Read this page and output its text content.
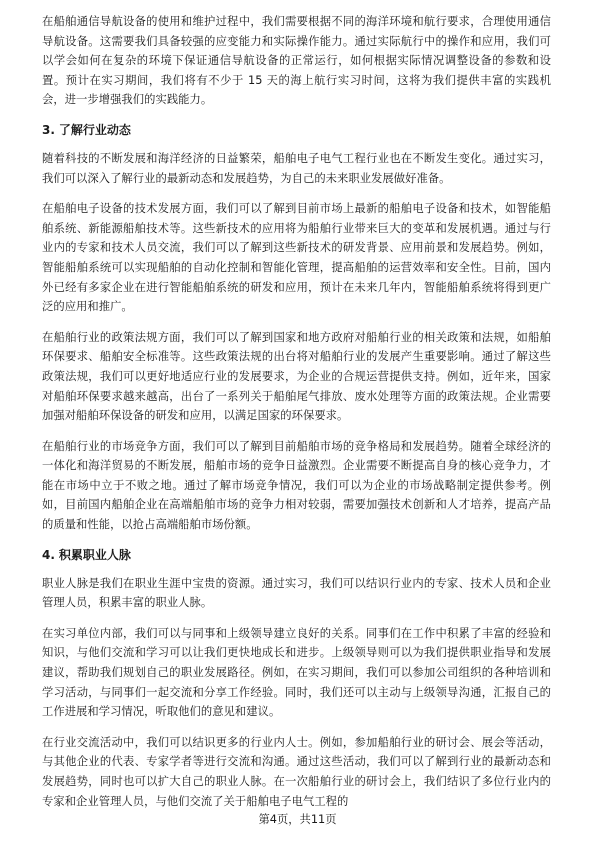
在船舶通信导航设备的使用和维护过程中，我们需要根据不同的海洋环境和航行要求，合理使用通信导航设备。这需要我们具备较强的应变能力和实际操作能力。通过实际航行中的操作和应用，我们可以学会如何在复杂的环境下保证通信导航设备的正常运行，如何根据实际情况调整设备的参数和设置。预计在实习期间，我们将有不少于 15 天的海上航行实习时间，这将为我们提供丰富的实践机会，进一步增强我们的实践能力。

3. 了解行业动态

随着科技的不断发展和海洋经济的日益繁荣，船舶电子电气工程行业也在不断发生变化。通过实习，我们可以深入了解行业的最新动态和发展趋势，为自己的未来职业发展做好准备。

在船舶电子设备的技术发展方面，我们可以了解到目前市场上最新的船舶电子设备和技术，如智能船舶系统、新能源船舶技术等。这些新技术的应用将为船舶行业带来巨大的变革和发展机遇。通过与行业内的专家和技术人员交流，我们可以了解到这些新技术的研发背景、应用前景和发展趋势。例如，智能船舶系统可以实现船舶的自动化控制和智能化管理，提高船舶的运营效率和安全性。目前，国内外已经有多家企业在进行智能船舶系统的研发和应用，预计在未来几年内，智能船舶系统将得到更广泛的应用和推广。

在船舶行业的政策法规方面，我们可以了解到国家和地方政府对船舶行业的相关政策和法规，如船舶环保要求、船舶安全标准等。这些政策法规的出台将对船舶行业的发展产生重要影响。通过了解这些政策法规，我们可以更好地适应行业的发展要求，为企业的合规运营提供支持。例如，近年来，国家对船舶环保要求越来越高，出台了一系列关于船舶尾气排放、废水处理等方面的政策法规。企业需要加强对船舶环保设备的研发和应用，以满足国家的环保要求。

在船舶行业的市场竞争方面，我们可以了解到目前船舶市场的竞争格局和发展趋势。随着全球经济的一体化和海洋贸易的不断发展，船舶市场的竞争日益激烈。企业需要不断提高自身的核心竞争力，才能在市场中立于不败之地。通过了解市场竞争情况，我们可以为企业的市场战略制定提供参考。例如，目前国内船舶企业在高端船舶市场的竞争力相对较弱，需要加强技术创新和人才培养，提高产品的质量和性能，以抢占高端船舶市场份额。

4. 积累职业人脉

职业人脉是我们在职业生涯中宝贵的资源。通过实习，我们可以结识行业内的专家、技术人员和企业管理人员，积累丰富的职业人脉。

在实习单位内部，我们可以与同事和上级领导建立良好的关系。同事们在工作中积累了丰富的经验和知识，与他们交流和学习可以让我们更快地成长和进步。上级领导则可以为我们提供职业指导和发展建议，帮助我们规划自己的职业发展路径。例如，在实习期间，我们可以参加公司组织的各种培训和学习活动，与同事们一起交流和分享工作经验。同时，我们还可以主动与上级领导沟通，汇报自己的工作进展和学习情况，听取他们的意见和建议。

在行业交流活动中，我们可以结识更多的行业内人士。例如，参加船舶行业的研讨会、展会等活动，与其他企业的代表、专家学者等进行交流和沟通。通过这些活动，我们可以了解到行业的最新动态和发展趋势，同时也可以扩大自己的职业人脉。在一次船舶行业的研讨会上，我们结识了多位行业内的专家和企业管理人员，与他们交流了关于船舶电子电气工程的

第4页，共11页
